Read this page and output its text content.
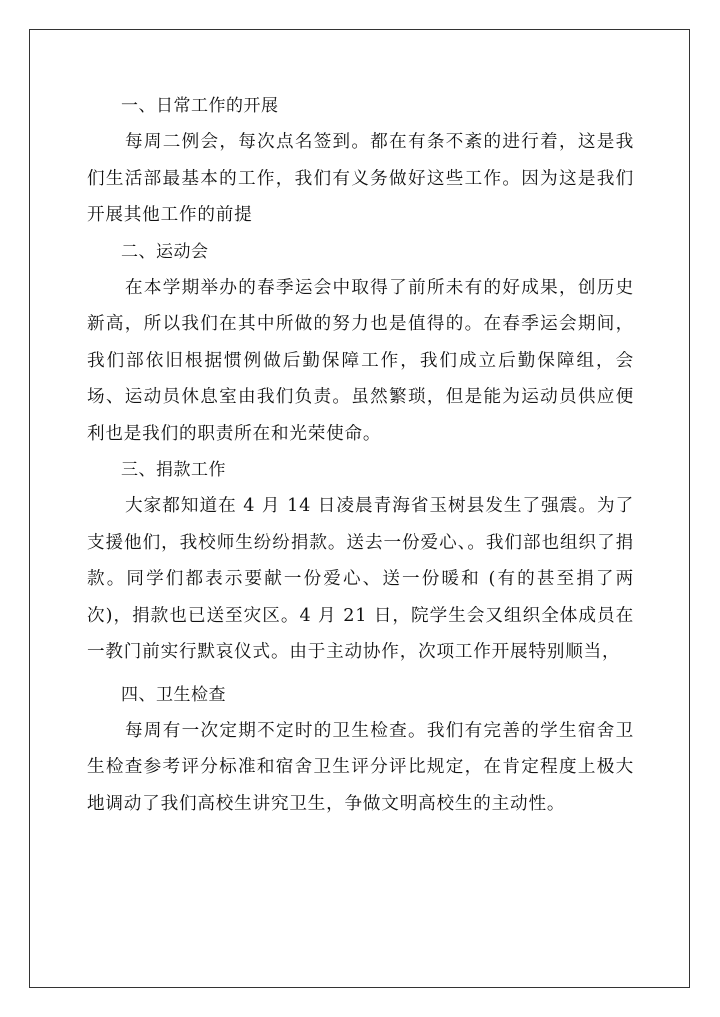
一、日常工作的开展

每周二例会，每次点名签到。都在有条不紊的进行着，这是我们生活部最基本的工作，我们有义务做好这些工作。因为这是我们开展其他工作的前提

二、运动会

在本学期举办的春季运会中取得了前所未有的好成果，创历史新高，所以我们在其中所做的努力也是值得的。在春季运会期间，我们部依旧根据惯例做后勤保障工作，我们成立后勤保障组，会场、运动员休息室由我们负责。虽然繁琐，但是能为运动员供应便利也是我们的职责所在和光荣使命。

三、捐款工作

大家都知道在 4 月 14 日凌晨青海省玉树县发生了强震。为了支援他们，我校师生纷纷捐款。送去一份爱心、。我们部也组织了捐款。同学们都表示要献一份爱心、送一份暖和 (有的甚至捐了两次)，捐款也已送至灾区。4 月 21 日，院学生会又组织全体成员在一教门前实行默哀仪式。由于主动协作，次项工作开展特别顺当，

四、卫生检查

每周有一次定期不定时的卫生检查。我们有完善的学生宿舍卫生检查参考评分标准和宿舍卫生评分评比规定，在肯定程度上极大地调动了我们高校生讲究卫生，争做文明高校生的主动性。
